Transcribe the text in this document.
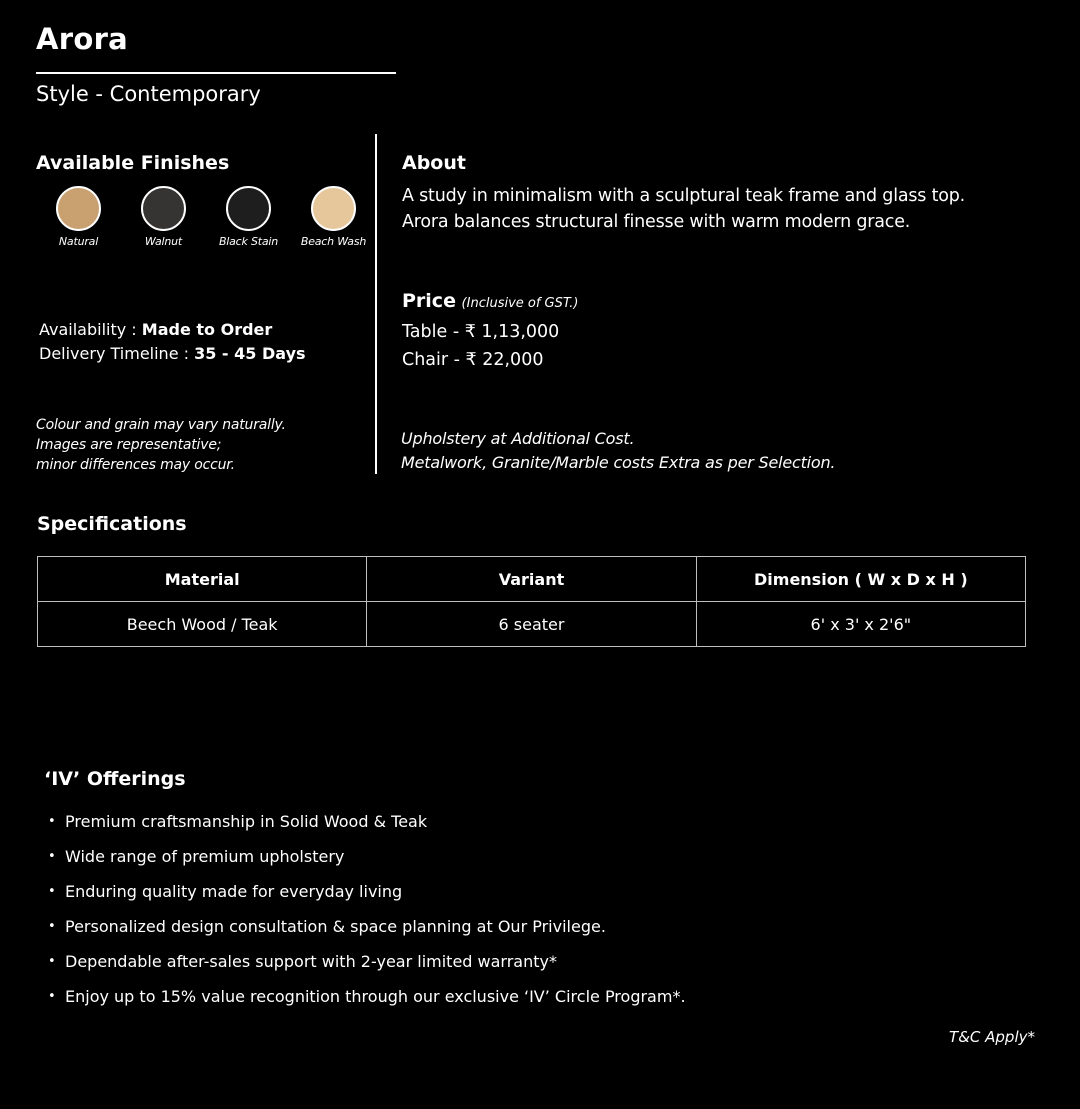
Arora
Style - Contemporary
Available Finishes
Natural	Walnut	Black Stain Beach Wash
Availability : Made to Order
Delivery Timeline : 35 - 45 Days
Colour and grain may vary naturally.
Images are representative;
minor differences may occur.
About
A study in minimalism with a sculptural teak frame and glass top.
Arora balances structural finesse with warm modern grace.
Price (Inclusive of GST.)
Table - ₹ 1,13,000
Chair - ₹ 22,000
Upholstery at Additional Cost.
Metalwork, Granite/Marble costs Extra as per Selection.
Specifications
Material	Variant	Dimension ( W x D x H )
Beech Wood / Teak	6 seater	6' x 3' x 2'6"
‘IV’ Offerings
• Premium craftsmanship in Solid Wood & Teak
• Wide range of premium upholstery
• Enduring quality made for everyday living
• Personalized design consultation & space planning at Our Privilege.
• Dependable after-sales support with 2-year limited warranty*
• Enjoy up to 15% value recognition through our exclusive ‘IV’ Circle Program*.
T&C Apply*
